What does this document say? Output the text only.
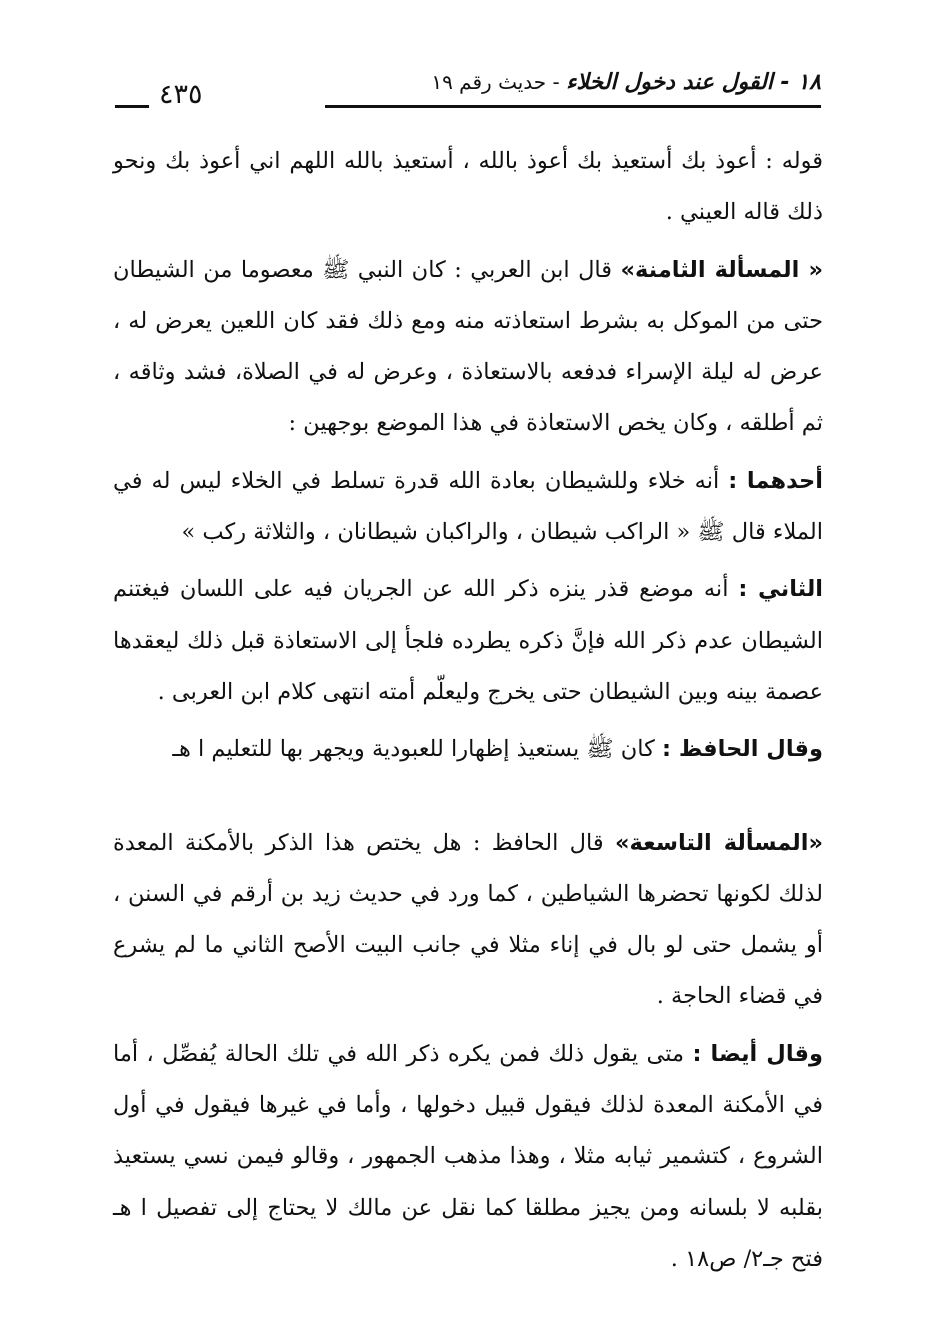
١٨ - القول عند دخول الخلاء - حديث رقم ١٩
٤٣٥

قوله : أعوذ بك أستعيذ بك أعوذ بالله ، أستعيذ بالله اللهم اني أعوذ بك ونحو ذلك قاله العيني .

« المسألة الثامنة» قال ابن العربي : كان النبي ﷺ معصوما من الشيطان حتى من الموكل به بشرط استعاذته منه ومع ذلك فقد كان اللعين يعرض له ، عرض له ليلة الإسراء فدفعه بالاستعاذة ، وعرض له في الصلاة، فشد وثاقه ، ثم أطلقه ، وكان يخص الاستعاذة في هذا الموضع بوجهين :

أحدهما : أنه خلاء وللشيطان بعادة الله قدرة تسلط في الخلاء ليس له في الملاء قال ﷺ « الراكب شيطان ، والراكبان شيطانان ، والثلاثة ركب »

الثاني : أنه موضع قذر ينزه ذكر الله عن الجريان فيه على اللسان فيغتنم الشيطان عدم ذكر الله فإنَّ ذكره يطرده فلجأ إلى الاستعاذة قبل ذلك ليعقدها عصمة بينه وبين الشيطان حتى يخرج وليعلّم أمته انتهى كلام ابن العربى .

وقال الحافظ : كان ﷺ يستعيذ إظهارا للعبودية ويجهر بها للتعليم ا هـ

«المسألة التاسعة» قال الحافظ : هل يختص هذا الذكر بالأمكنة المعدة لذلك لكونها تحضرها الشياطين ، كما ورد في حديث زيد بن أرقم في السنن ، أو يشمل حتى لو بال في إناء مثلا في جانب البيت الأصح الثاني ما لم يشرع في قضاء الحاجة .

وقال أيضا : متى يقول ذلك فمن يكره ذكر الله في تلك الحالة يُفصِّل ، أما في الأمكنة المعدة لذلك فيقول قبيل دخولها ، وأما في غيرها فيقول في أول الشروع ، كتشمير ثيابه مثلا ، وهذا مذهب الجمهور ، وقالو فيمن نسي يستعيذ بقلبه لا بلسانه ومن يجيز مطلقا كما نقل عن مالك لا يحتاج إلى تفصيل ا هـ فتح جـ٢/ ص١٨ .
